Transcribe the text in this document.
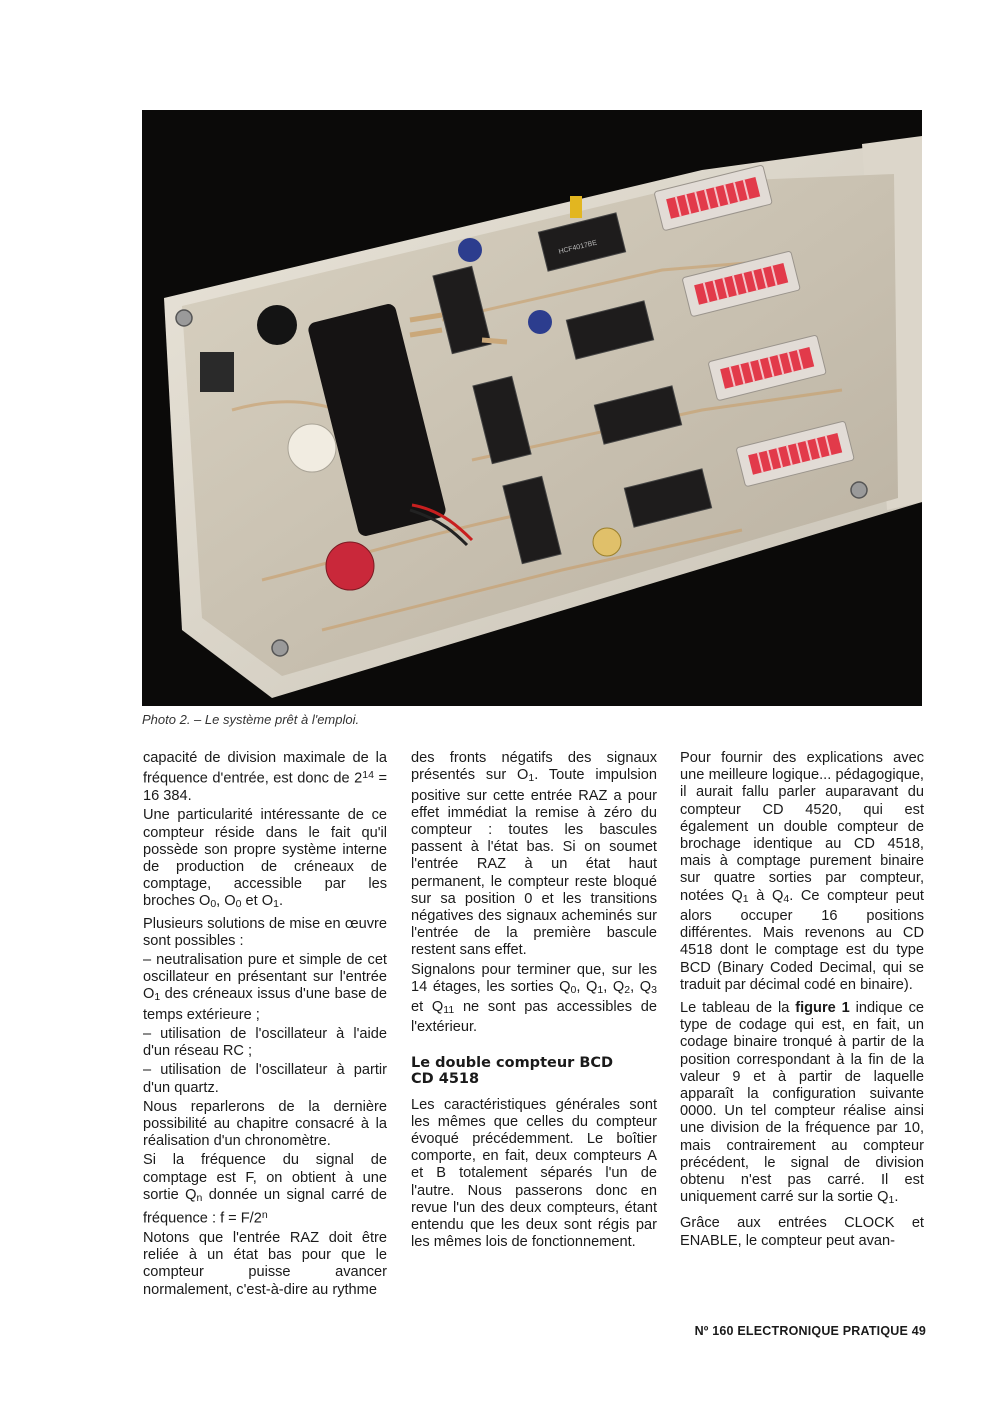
HCF4017BE
Photo 2. – Le système prêt à l'emploi.

capacité de division maximale de la fréquence d'entrée, est donc de $2^{14} = 16$ 384.

Une particularité intéressante de ce compteur réside dans le fait qu'il possède son propre système interne de production de créneaux de comptage, accessible par les broches O0, O0 et O1.

Plusieurs solutions de mise en œuvre sont possibles :

– neutralisation pure et simple de cet oscillateur en présentant sur l'entrée O1 des créneaux issus d'une base de temps extérieure ;

– utilisation de l'oscillateur à l'aide d'un réseau RC ;

– utilisation de l'oscillateur à partir d'un quartz.

Nous reparlerons de la dernière possibilité au chapitre consacré à la réalisation d'un chronomètre.

Si la fréquence du signal de comptage est F, on obtient à une sortie Qn donnée un signal carré de fréquence : $f = F/2^n$

Notons que l'entrée RAZ doit être reliée à un état bas pour que le compteur puisse avancer normalement, c'est-à-dire au rythme

des fronts négatifs des signaux présentés sur O1. Toute impulsion positive sur cette entrée RAZ a pour effet immédiat la remise à zéro du compteur : toutes les bascules passent à l'état bas. Si on soumet l'entrée RAZ à un état haut permanent, le compteur reste bloqué sur sa position 0 et les transitions négatives des signaux acheminés sur l'entrée de la première bascule restent sans effet.

Signalons pour terminer que, sur les 14 étages, les sorties Q0, Q1, Q2, Q3 et Q11 ne sont pas accessibles de l'extérieur.

Le double compteur BCD
CD 4518

Les caractéristiques générales sont les mêmes que celles du compteur évoqué précédemment. Le boîtier comporte, en fait, deux compteurs A et B totalement séparés l'un de l'autre. Nous passerons donc en revue l'un des deux compteurs, étant entendu que les deux sont régis par les mêmes lois de fonctionnement.

Pour fournir des explications avec une meilleure logique... pédagogique, il aurait fallu parler auparavant du compteur CD 4520, qui est également un double compteur de brochage identique au CD 4518, mais à comptage purement binaire sur quatre sorties par compteur, notées Q1 à Q4. Ce compteur peut alors occuper 16 positions différentes. Mais revenons au CD 4518 dont le comptage est du type BCD (Binary Coded Decimal, qui se traduit par décimal codé en binaire).

Le tableau de la figure 1 indique ce type de codage qui est, en fait, un codage binaire tronqué à partir de la position correspondant à la fin de la valeur 9 et à partir de laquelle apparaît la configuration suivante 0000. Un tel compteur réalise ainsi une division de la fréquence par 10, mais contrairement au compteur précédent, le signal de division obtenu n'est pas carré. Il est uniquement carré sur la sortie Q1.

Grâce aux entrées CLOCK et ENABLE, le compteur peut avan-

Nº 160 ELECTRONIQUE PRATIQUE 49
